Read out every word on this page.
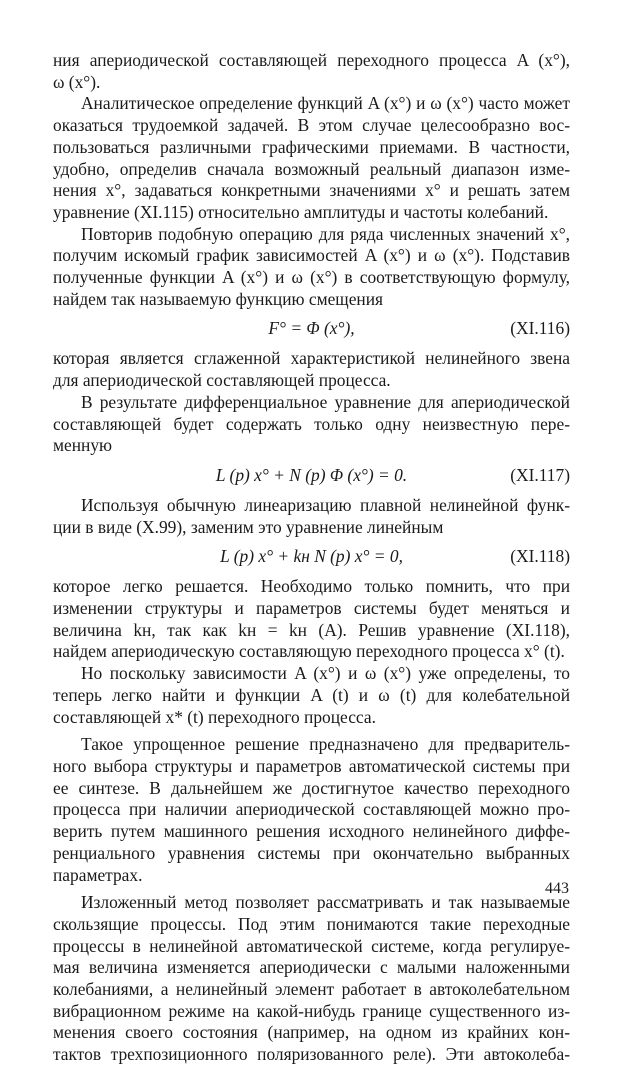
ния апериодической составляющей переходного процесса A (x°),
ω (x°).
Аналитическое определение функций A (x°) и ω (x°) часто может
оказаться трудоемкой задачей. В этом случае целесообразно вос-
пользоваться различными графическими приемами. В частности,
удобно, определив сначала возможный реальный диапазон изме-
нения x°, задаваться конкретными значениями x° и решать затем
уравнение (XI.115) относительно амплитуды и частоты колебаний.
Повторив подобную операцию для ряда численных значений x°,
получим искомый график зависимостей A (x°) и ω (x°). Подставив
полученные функции A (x°) и ω (x°) в соответствующую формулу,
найдем так называемую функцию смещения
F° = Φ (x°),	(XI.116)
которая является сглаженной характеристикой нелинейного звена
для апериодической составляющей процесса.
В результате дифференциальное уравнение для апериодической
составляющей будет содержать только одну неизвестную пере-
менную
L (p) x° + N (p) Φ (x°) = 0.	(XI.117)
Используя обычную линеаризацию плавной нелинейной функ-
ции в виде (X.99), заменим это уравнение линейным
L (p) x° + kн N (p) x° = 0,	(XI.118)
которое легко решается. Необходимо только помнить, что при
изменении структуры и параметров системы будет меняться и
величина kн, так как kн = kн (A). Решив уравнение (XI.118),
найдем апериодическую составляющую переходного процесса x° (t).
Но поскольку зависимости A (x°) и ω (x°) уже определены, то
теперь легко найти и функции A (t) и ω (t) для колебательной
составляющей x* (t) переходного процесса.
Такое упрощенное решение предназначено для предваритель-
ного выбора структуры и параметров автоматической системы при
ее синтезе. В дальнейшем же достигнутое качество переходного
процесса при наличии апериодической составляющей можно про-
верить путем машинного решения исходного нелинейного диффе-
ренциального уравнения системы при окончательно выбранных
параметрах.
Изложенный метод позволяет рассматривать и так называемые
скользящие процессы. Под этим понимаются такие переходные
процессы в нелинейной автоматической системе, когда регулируе-
мая величина изменяется апериодически с малыми наложенными
колебаниями, а нелинейный элемент работает в автоколебательном
вибрационном режиме на какой-нибудь границе существенного из-
менения своего состояния (например, на одном из крайних кон-
тактов трехпозиционного поляризованного реле). Эти автоколеба-
443
